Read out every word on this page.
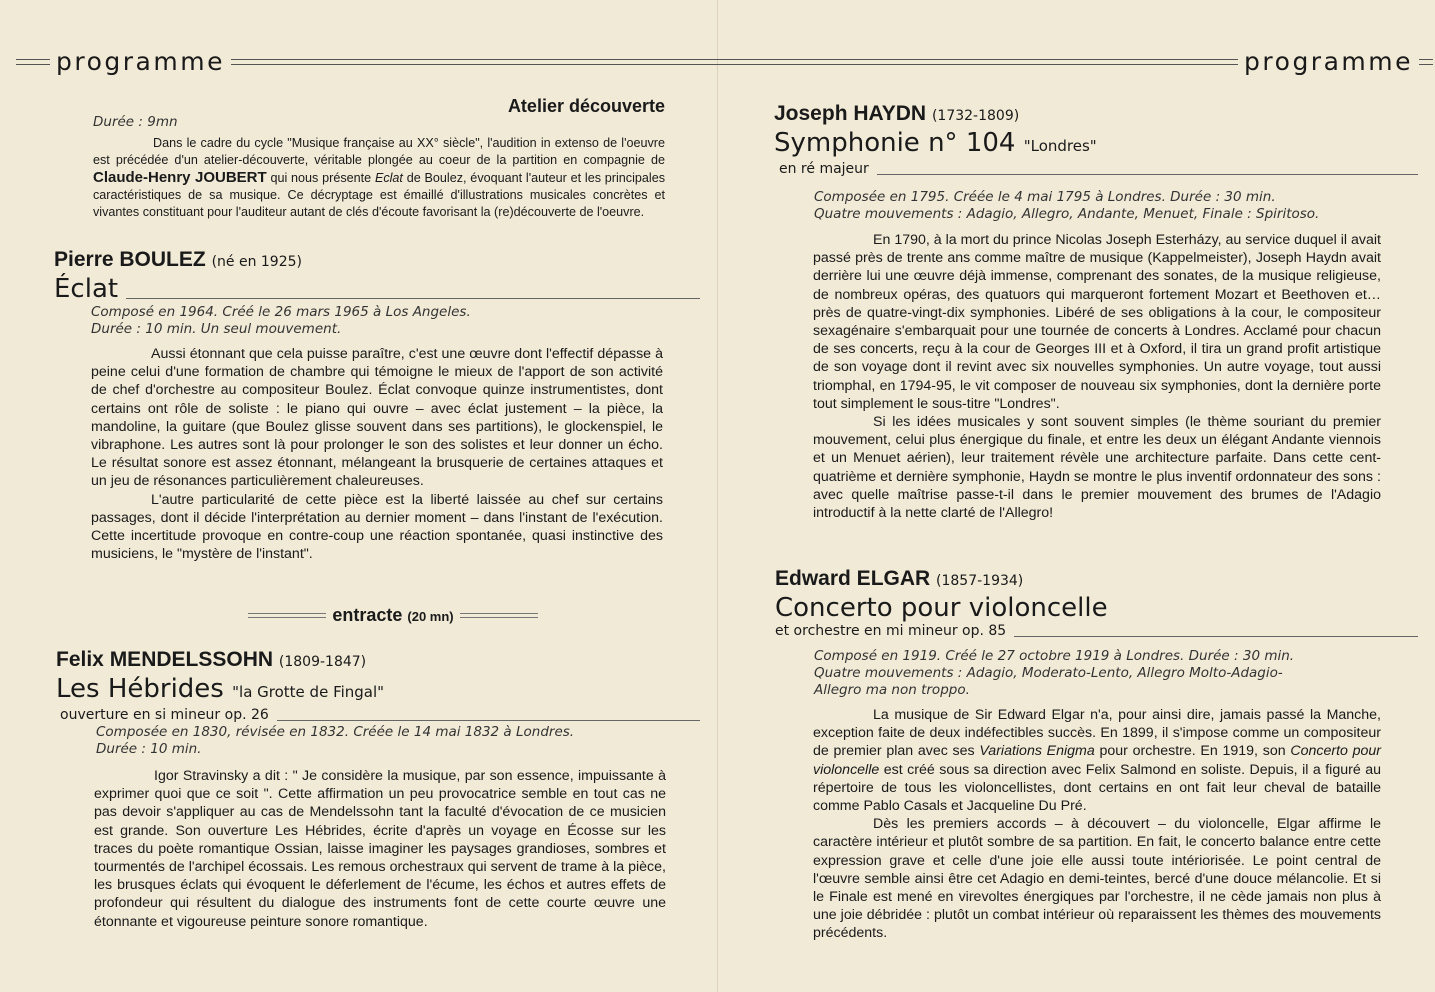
programme
Durée : 9mn
Atelier découverte

Dans le cadre du cycle "Musique française au XX° siècle", l'audition in extenso de l'oeuvre est précédée d'un atelier-découverte, véritable plongée au coeur de la partition en compagnie de Claude-Henry JOUBERT qui nous présente Eclat de Boulez, évoquant l'auteur et les principales caractéristiques de sa musique. Ce décryptage est émaillé d'illustrations musicales concrètes et vivantes constituant pour l'auditeur autant de clés d'écoute favorisant la (re)découverte de l'oeuvre.

Pierre BOULEZ (né en 1925)
Éclat
Composé en 1964. Créé le 26 mars 1965 à Los Angeles.
Durée : 10 min. Un seul mouvement.

Aussi étonnant que cela puisse paraître, c'est une œuvre dont l'effectif dépasse à peine celui d'une formation de chambre qui témoigne le mieux de l'apport de son activité de chef d'orchestre au compositeur Boulez. Éclat convoque quinze instrumentistes, dont certains ont rôle de soliste : le piano qui ouvre – avec éclat justement – la pièce, la mandoline, la guitare (que Boulez glisse souvent dans ses partitions), le glockenspiel, le vibraphone. Les autres sont là pour prolonger le son des solistes et leur donner un écho. Le résultat sonore est assez étonnant, mélangeant la brusquerie de certaines attaques et un jeu de résonances particulièrement chaleureuses.

L'autre particularité de cette pièce est la liberté laissée au chef sur certains passages, dont il décide l'interprétation au dernier moment – dans l'instant de l'exécution. Cette incertitude provoque en contre-coup une réaction spontanée, quasi instinctive des musiciens, le "mystère de l'instant".

entracte (20 mn)
Felix MENDELSSOHN (1809-1847)
Les Hébrides "la Grotte de Fingal"
ouverture en si mineur op. 26
Composée en 1830, révisée en 1832. Créée le 14 mai 1832 à Londres.
Durée : 10 min.

Igor Stravinsky a dit : " Je considère la musique, par son essence, impuissante à exprimer quoi que ce soit ". Cette affirmation un peu provocatrice semble en tout cas ne pas devoir s'appliquer au cas de Mendelssohn tant la faculté d'évocation de ce musicien est grande. Son ouverture Les Hébrides, écrite d'après un voyage en Écosse sur les traces du poète romantique Ossian, laisse imaginer les paysages grandioses, sombres et tourmentés de l'archipel écossais. Les remous orchestraux qui servent de trame à la pièce, les brusques éclats qui évoquent le déferlement de l'écume, les échos et autres effets de profondeur qui résultent du dialogue des instruments font de cette courte œuvre une étonnante et vigoureuse peinture sonore romantique.

programme
Joseph HAYDN (1732-1809)
Symphonie n° 104 "Londres"
en ré majeur
Composée en 1795. Créée le 4 mai 1795 à Londres. Durée : 30 min.
Quatre mouvements : Adagio, Allegro, Andante, Menuet, Finale : Spiritoso.

En 1790, à la mort du prince Nicolas Joseph Esterházy, au service duquel il avait passé près de trente ans comme maître de musique (Kappelmeister), Joseph Haydn avait derrière lui une œuvre déjà immense, comprenant des sonates, de la musique religieuse, de nombreux opéras, des quatuors qui marqueront fortement Mozart et Beethoven et… près de quatre-vingt-dix symphonies. Libéré de ses obligations à la cour, le compositeur sexagénaire s'embarquait pour une tournée de concerts à Londres. Acclamé pour chacun de ses concerts, reçu à la cour de Georges III et à Oxford, il tira un grand profit artistique de son voyage dont il revint avec six nouvelles symphonies. Un autre voyage, tout aussi triomphal, en 1794-95, le vit composer de nouveau six symphonies, dont la dernière porte tout simplement le sous-titre "Londres".

Si les idées musicales y sont souvent simples (le thème souriant du premier mouvement, celui plus énergique du finale, et entre les deux un élégant Andante viennois et un Menuet aérien), leur traitement révèle une architecture parfaite. Dans cette cent-quatrième et dernière symphonie, Haydn se montre le plus inventif ordonnateur des sons : avec quelle maîtrise passe-t-il dans le premier mouvement des brumes de l'Adagio introductif à la nette clarté de l'Allegro!

Edward ELGAR (1857-1934)
Concerto pour violoncelle
et orchestre en mi mineur op. 85
Composé en 1919. Créé le 27 octobre 1919 à Londres. Durée : 30 min.
Quatre mouvements : Adagio, Moderato-Lento, Allegro Molto-Adagio-
Allegro ma non troppo.

La musique de Sir Edward Elgar n'a, pour ainsi dire, jamais passé la Manche, exception faite de deux indéfectibles succès. En 1899, il s'impose comme un compositeur de premier plan avec ses Variations Enigma pour orchestre. En 1919, son Concerto pour violoncelle est créé sous sa direction avec Felix Salmond en soliste. Depuis, il a figuré au répertoire de tous les violoncellistes, dont certains en ont fait leur cheval de bataille comme Pablo Casals et Jacqueline Du Pré.

Dès les premiers accords – à découvert – du violoncelle, Elgar affirme le caractère intérieur et plutôt sombre de sa partition. En fait, le concerto balance entre cette expression grave et celle d'une joie elle aussi toute intériorisée. Le point central de l'œuvre semble ainsi être cet Adagio en demi-teintes, bercé d'une douce mélancolie. Et si le Finale est mené en virevoltes énergiques par l'orchestre, il ne cède jamais non plus à une joie débridée : plutôt un combat intérieur où reparaissent les thèmes des mouvements précédents.
